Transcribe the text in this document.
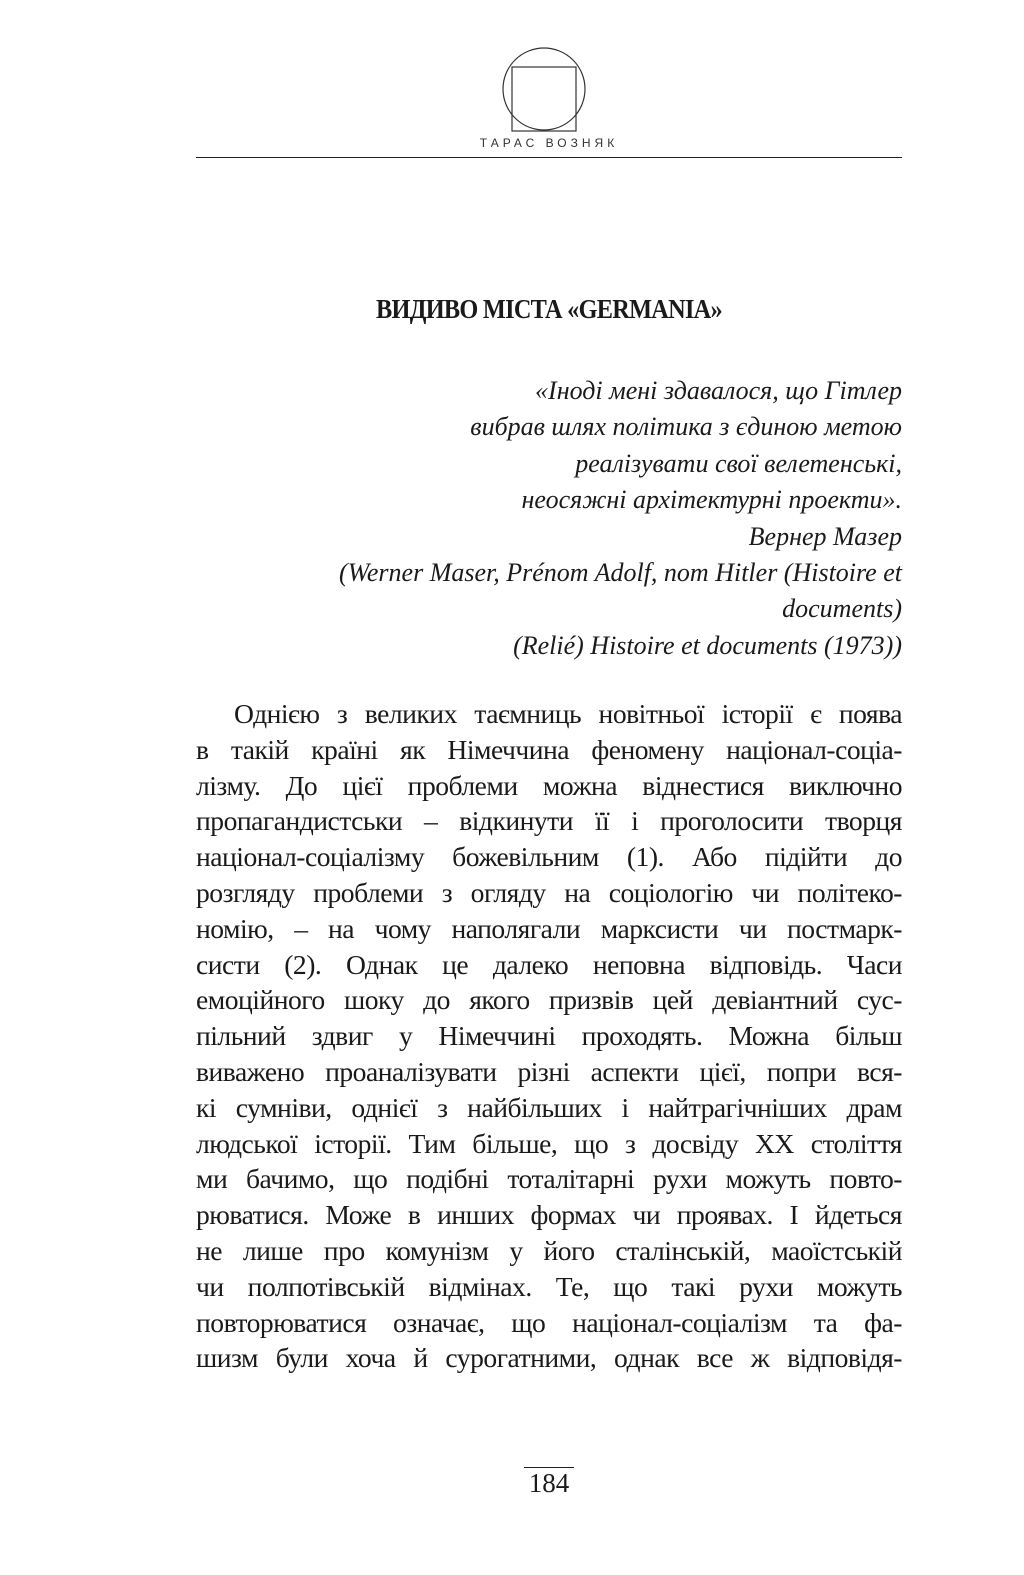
ТАРАС ВОЗНЯК
ВИДИВО МІСТА «GERMANIA»
«Іноді мені здавалося, що Гітлер
вибрав шлях політика з єдиною метою
реалізувати свої велетенські,
неосяжні архітектурні проекти».
Вернер Мазер
(Werner Maser, Prénom Adolf, nom Hitler (Histoire et
documents)
(Relié) Histoire et documents (1973))
Однією з великих таємниць новітньої історії є поява
в такій країні як Німеччина феномену націонал-соціа-
лізму. До цієї проблеми можна віднестися виключно
пропагандистськи – відкинути її і проголосити творця
націонал-соціалізму божевільним (1). Або підійти до
розгляду проблеми з огляду на соціологію чи політеко-
номію, – на чому наполягали марксисти чи постмарк-
систи (2). Однак це далеко неповна відповідь. Часи
емоційного шоку до якого призвів цей девіантний сус-
пільний здвиг у Німеччині проходять. Можна більш
виважено проаналізувати різні аспекти цієї, попри вся-
кі сумніви, однієї з найбільших і найтрагічніших драм
людської історії. Тим більше, що з досвіду XX століття
ми бачимо, що подібні тоталітарні рухи можуть повто-
рюватися. Може в инших формах чи проявах. І йдеться
не лише про комунізм у його сталінській, маоїстській
чи полпотівській відмінах. Те, що такі рухи можуть
повторюватися означає, що націонал-соціалізм та фа-
шизм були хоча й сурогатними, однак все ж відповідя-
184
